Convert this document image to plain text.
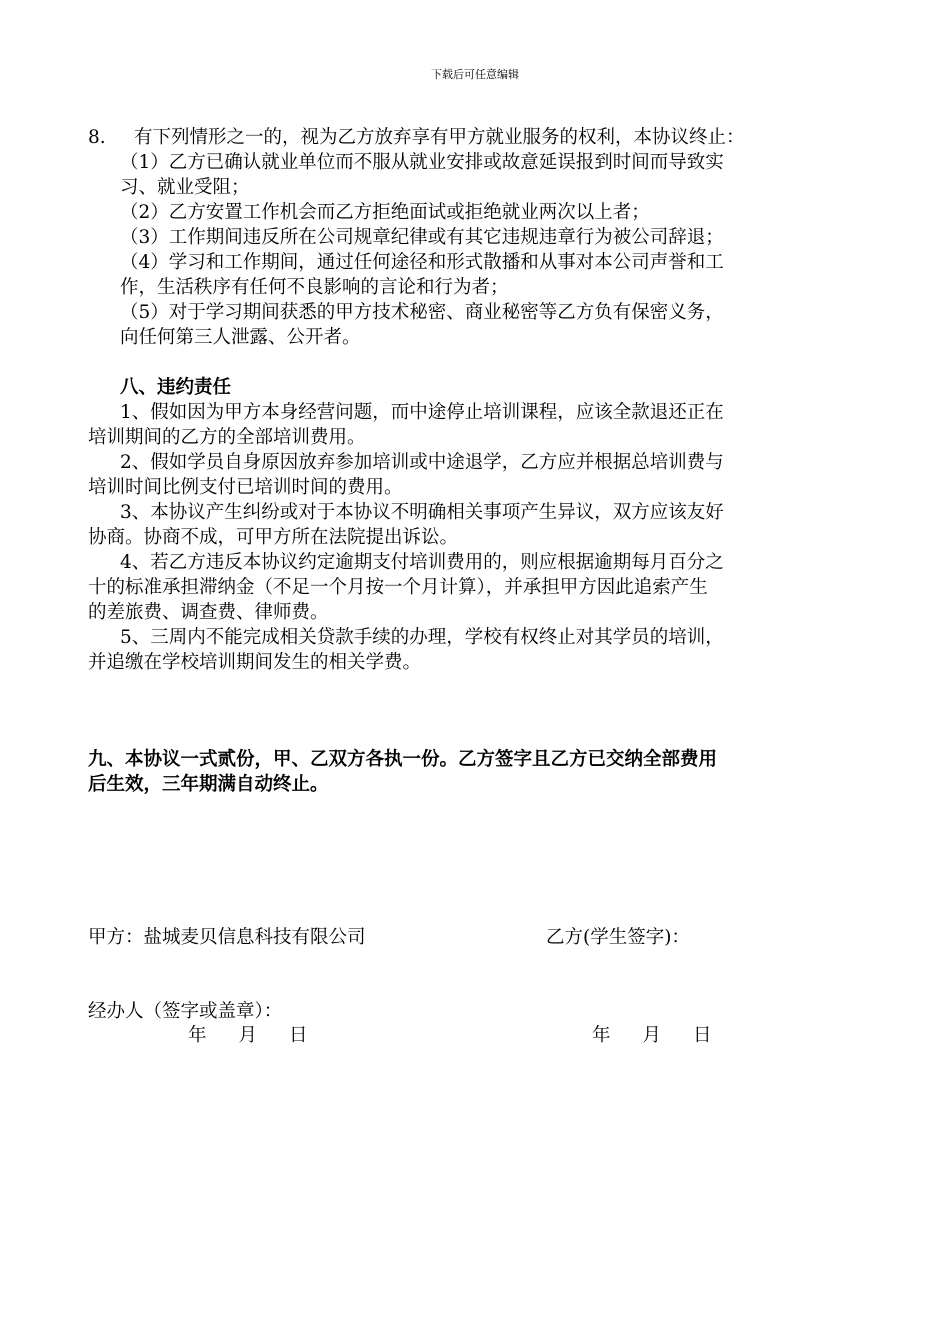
下载后可任意编辑
8. 有下列情形之一的，视为乙方放弃享有甲方就业服务的权利，本协议终止：
（1）乙方已确认就业单位而不服从就业安排或故意延误报到时间而导致实
习、就业受阻；
（2）乙方安置工作机会而乙方拒绝面试或拒绝就业两次以上者；
（3）工作期间违反所在公司规章纪律或有其它违规违章行为被公司辞退；
（4）学习和工作期间，通过任何途径和形式散播和从事对本公司声誉和工
作，生活秩序有任何不良影响的言论和行为者；
（5）对于学习期间获悉的甲方技术秘密、商业秘密等乙方负有保密义务，
向任何第三人泄露、公开者。
八、违约责任
1、假如因为甲方本身经营问题，而中途停止培训课程，应该全款退还正在
培训期间的乙方的全部培训费用。
2、假如学员自身原因放弃参加培训或中途退学，乙方应并根据总培训费与
培训时间比例支付已培训时间的费用。
3、本协议产生纠纷或对于本协议不明确相关事项产生异议，双方应该友好
协商。协商不成，可甲方所在法院提出诉讼。
4、若乙方违反本协议约定逾期支付培训费用的，则应根据逾期每月百分之
十的标准承担滞纳金（不足一个月按一个月计算），并承担甲方因此追索产生
的差旅费、调查费、律师费。
5、三周内不能完成相关贷款手续的办理，学校有权终止对其学员的培训，
并追缴在学校培训期间发生的相关学费。
九、本协议一式贰份，甲、乙双方各执一份。乙方签字且乙方已交纳全部费用
后生效，三年期满自动终止。
甲方：盐城麦贝信息科技有限公司	乙方(学生签字)：
经办人（签字或盖章）：
年 月 日	年 月 日
